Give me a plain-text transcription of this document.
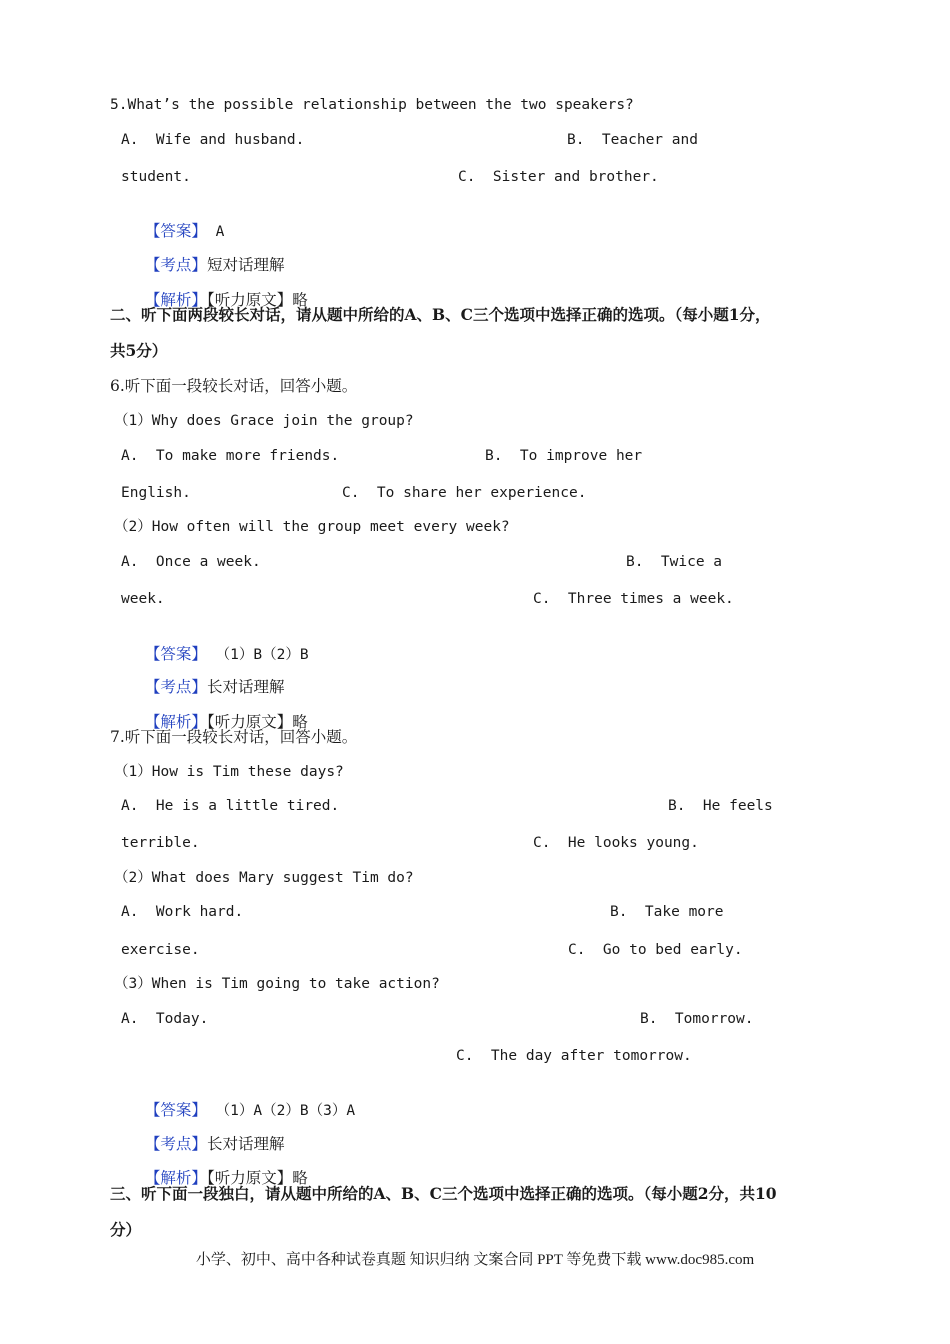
5.What’s the possible relationship between the two speakers?
A.  Wife and husband.	B.  Teacher and
student.	C.  Sister and brother.

【答案】 A

【考点】短对话理解

【解析】【听力原文】略

二、听下面两段较长对话，请从题中所给的A、B、C三个选项中选择正确的选项。（每小题1分，
共5分）
6.听下面一段较长对话，回答小题。
（1）Why does Grace join the group?
A.  To make more friends.	B.  To improve her
English.	C.  To share her experience.
（2）How often will the group meet every week?
A.  Once a week.	B.  Twice a
week.	C.  Three times a week.

【答案】 （1）B（2）B

【考点】长对话理解

【解析】【听力原文】略

7.听下面一段较长对话，回答小题。
（1）How is Tim these days?
A.  He is a little tired.	B.  He feels
terrible.	C.  He looks young.
（2）What does Mary suggest Tim do?
A.  Work hard.	B.  Take more
exercise.	C.  Go to bed early.
（3）When is Tim going to take action?
A.  Today.	B.  Tomorrow.
C.  The day after tomorrow.

【答案】 （1）A（2）B（3）A

【考点】长对话理解

【解析】【听力原文】略

三、听下面一段独白，请从题中所给的A、B、C三个选项中选择正确的选项。（每小题2分，共10
分）
小学、初中、高中各种试卷真题 知识归纳 文案合同 PPT 等免费下载 www.doc985.com
